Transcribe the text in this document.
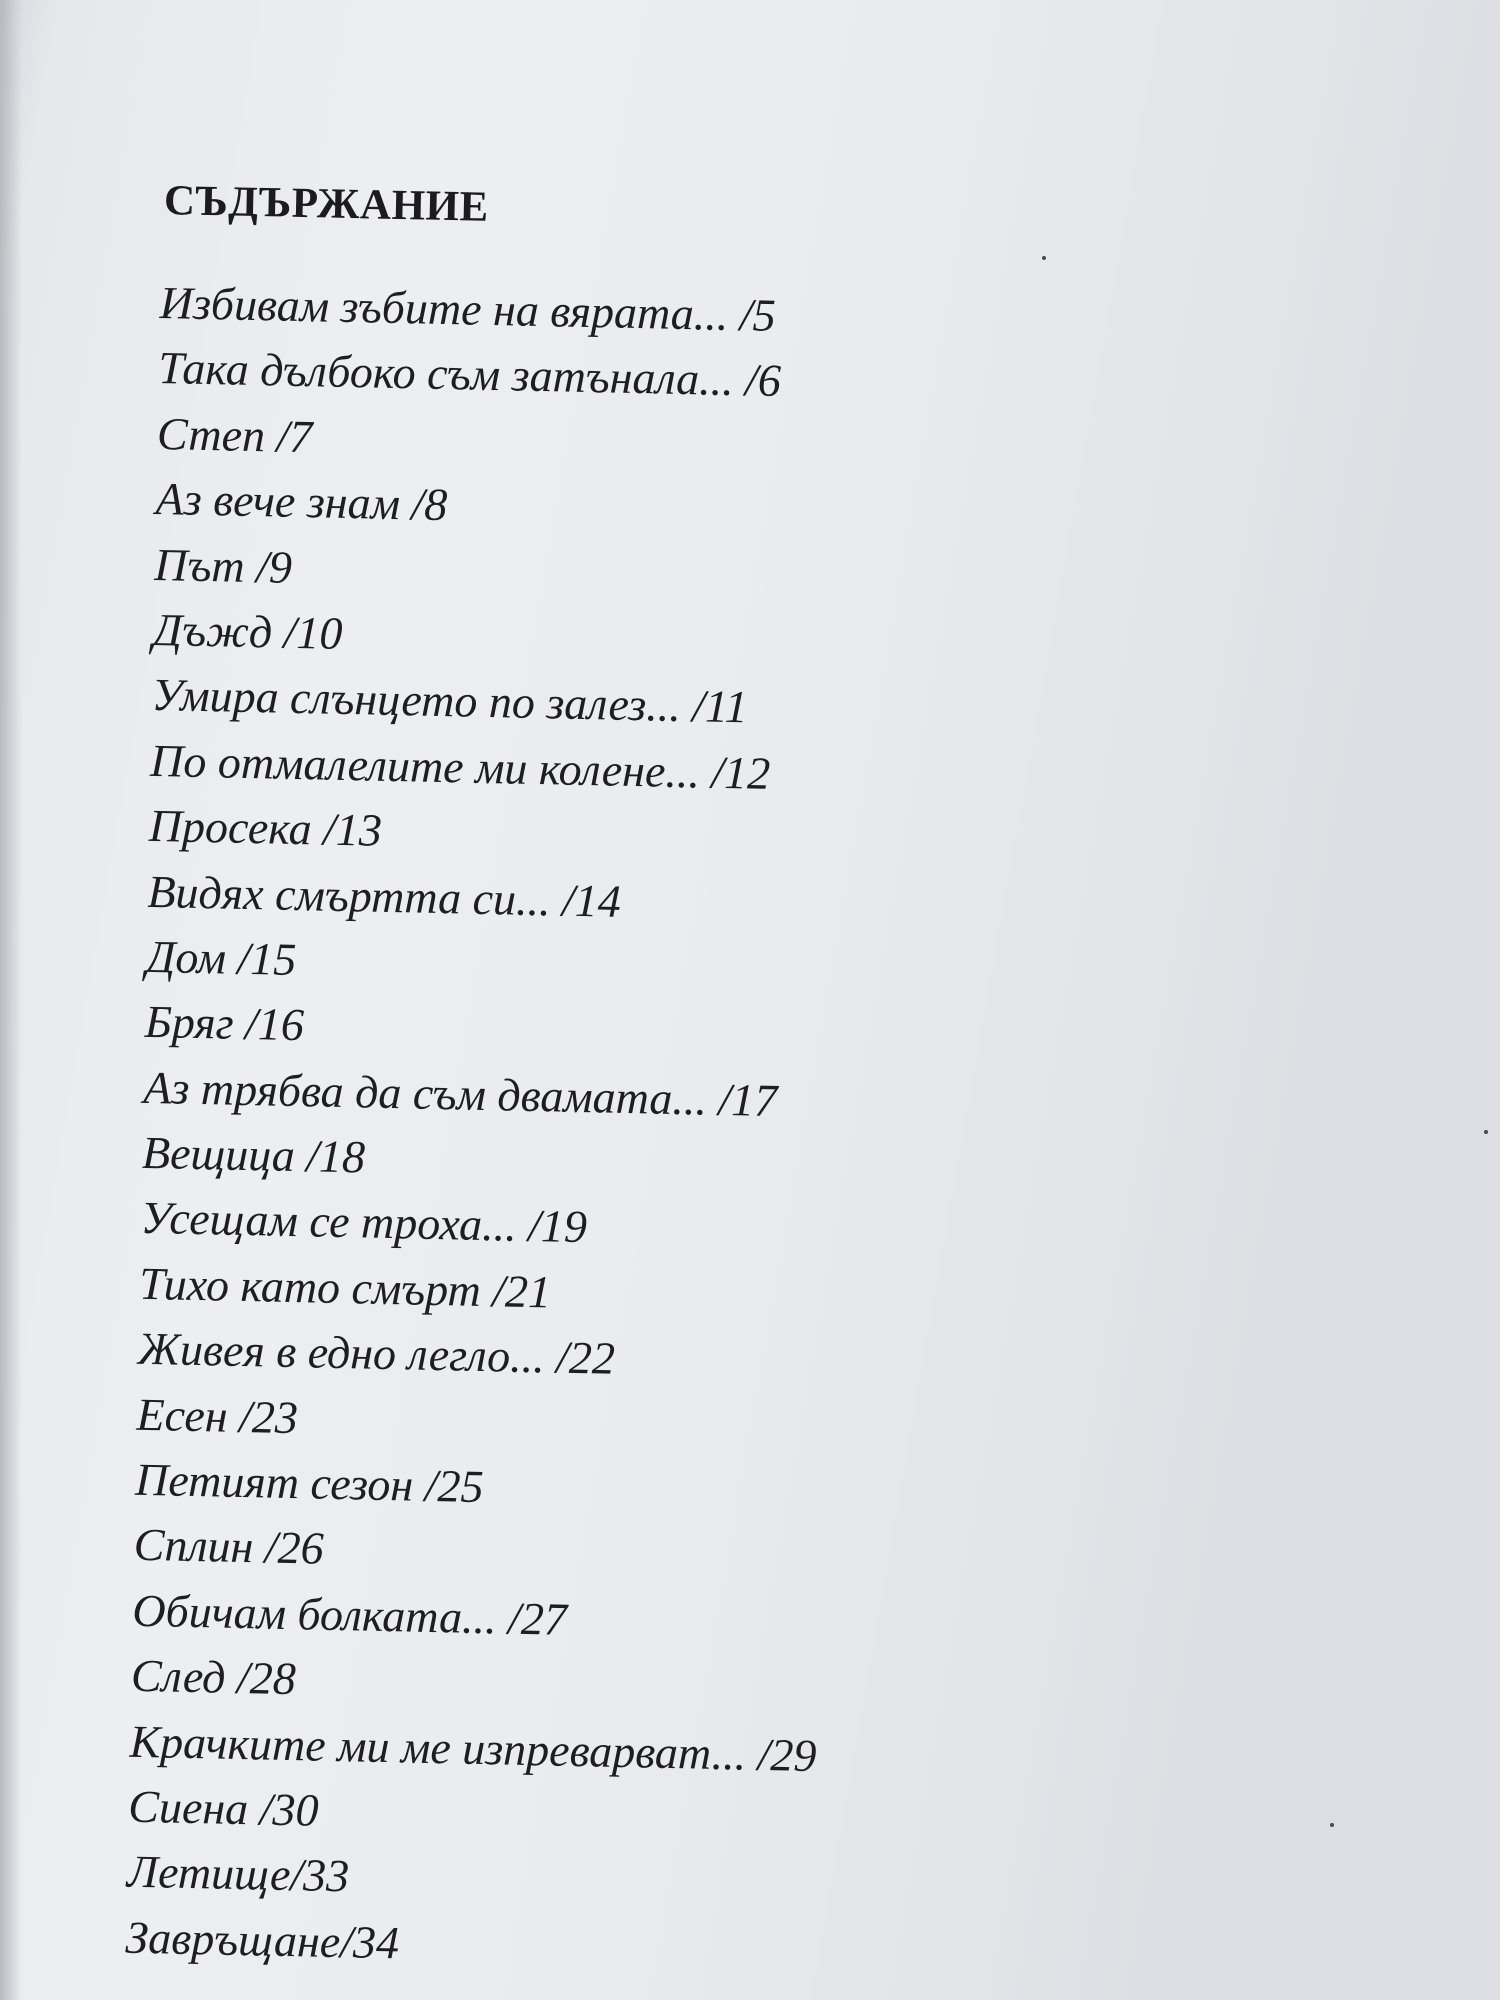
СЪДЪРЖАНИЕ
Избивам зъбите на вярата... /5
Така дълбоко съм затънала... /6
Степ /7
Аз вече знам /8
Път /9
Дъжд /10
Умира слънцето по залез... /11
По отмалелите ми колене... /12
Просека /13
Видях смъртта си... /14
Дом /15
Бряг /16
Аз трябва да съм двамата... /17
Вещица /18
Усещам се троха... /19
Тихо като смърт /21
Живея в едно легло... /22
Есен /23
Петият сезон /25
Сплин /26
Обичам болката... /27
След /28
Крачките ми ме изпреварват... /29
Сиена /30
Летище/33
Завръщане/34
